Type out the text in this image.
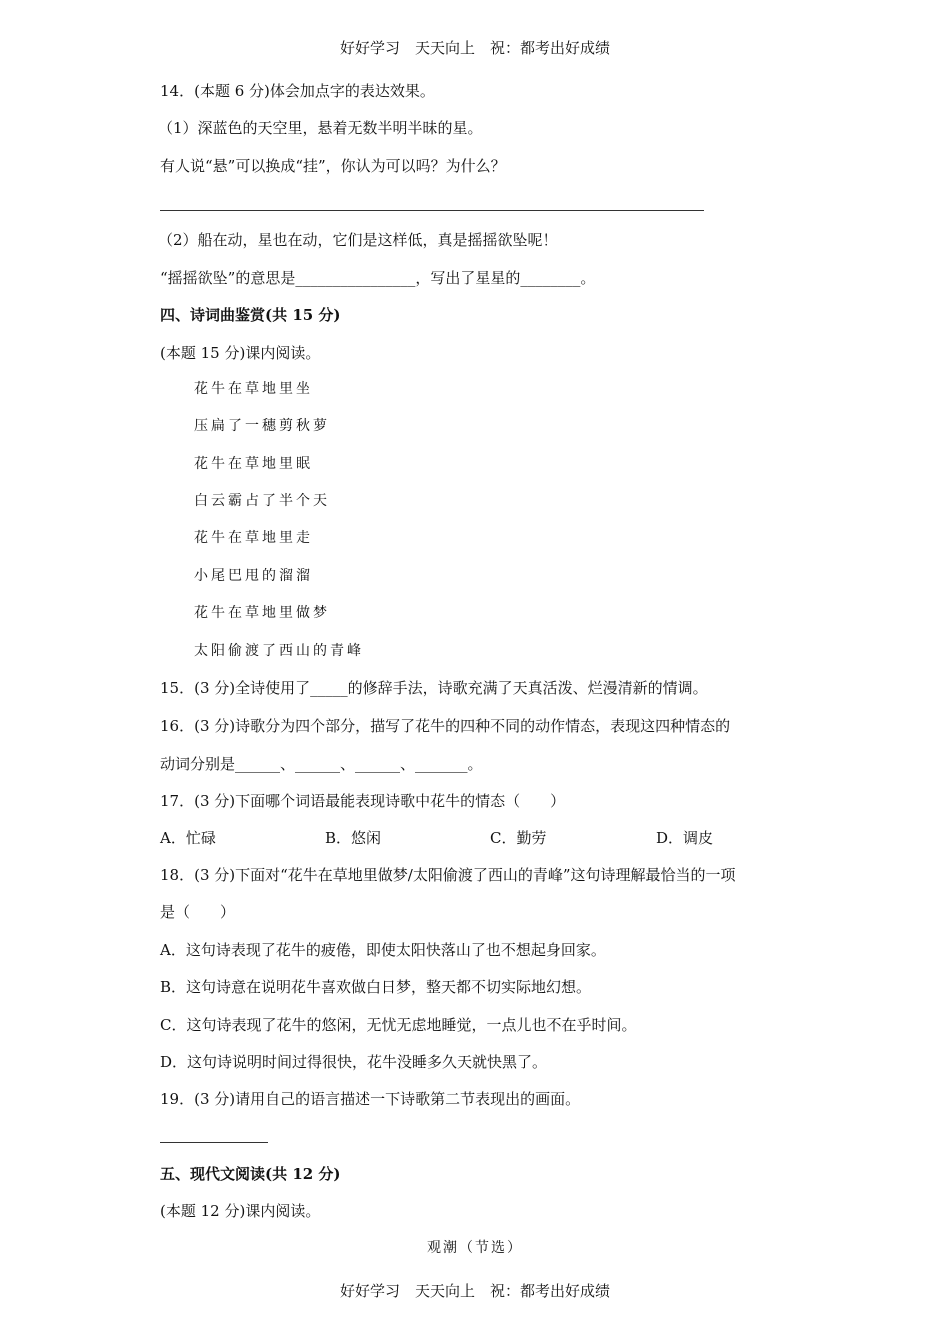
好好学习　天天向上　祝：都考出好成绩
14．(本题 6 分)体会加点字的表达效果。
（1）深蓝色的天空里，悬着无数半明半昧的星。
有人说“悬”可以换成“挂”，你认为可以吗？为什么？
（2）船在动，星也在动，它们是这样低，真是摇摇欲坠呢！
“摇摇欲坠”的意思是________________，写出了星星的________。
四、诗词曲鉴赏(共 15 分)
(本题 15 分)课内阅读。
花牛在草地里坐
压扁了一穗剪秋萝
花牛在草地里眠
白云霸占了半个天
花牛在草地里走
小尾巴甩的溜溜
花牛在草地里做梦
太阳偷渡了西山的青峰
15．(3 分)全诗使用了_____的修辞手法，诗歌充满了天真活泼、烂漫清新的情调。
16．(3 分)诗歌分为四个部分，描写了花牛的四种不同的动作情态，表现这四种情态的
动词分别是______、______、______、_______。
17．(3 分)下面哪个词语最能表现诗歌中花牛的情态（　　）
A．忙碌	B．悠闲	C．勤劳	D．调皮
18．(3 分)下面对“花牛在草地里做梦/太阳偷渡了西山的青峰”这句诗理解最恰当的一项
是（　　）
A．这句诗表现了花牛的疲倦，即使太阳快落山了也不想起身回家。
B．这句诗意在说明花牛喜欢做白日梦，整天都不切实际地幻想。
C．这句诗表现了花牛的悠闲，无忧无虑地睡觉，一点儿也不在乎时间。
D．这句诗说明时间过得很快，花牛没睡多久天就快黑了。
19．(3 分)请用自己的语言描述一下诗歌第二节表现出的画面。
五、现代文阅读(共 12 分)
(本题 12 分)课内阅读。
观潮（节选）
好好学习　天天向上　祝：都考出好成绩
